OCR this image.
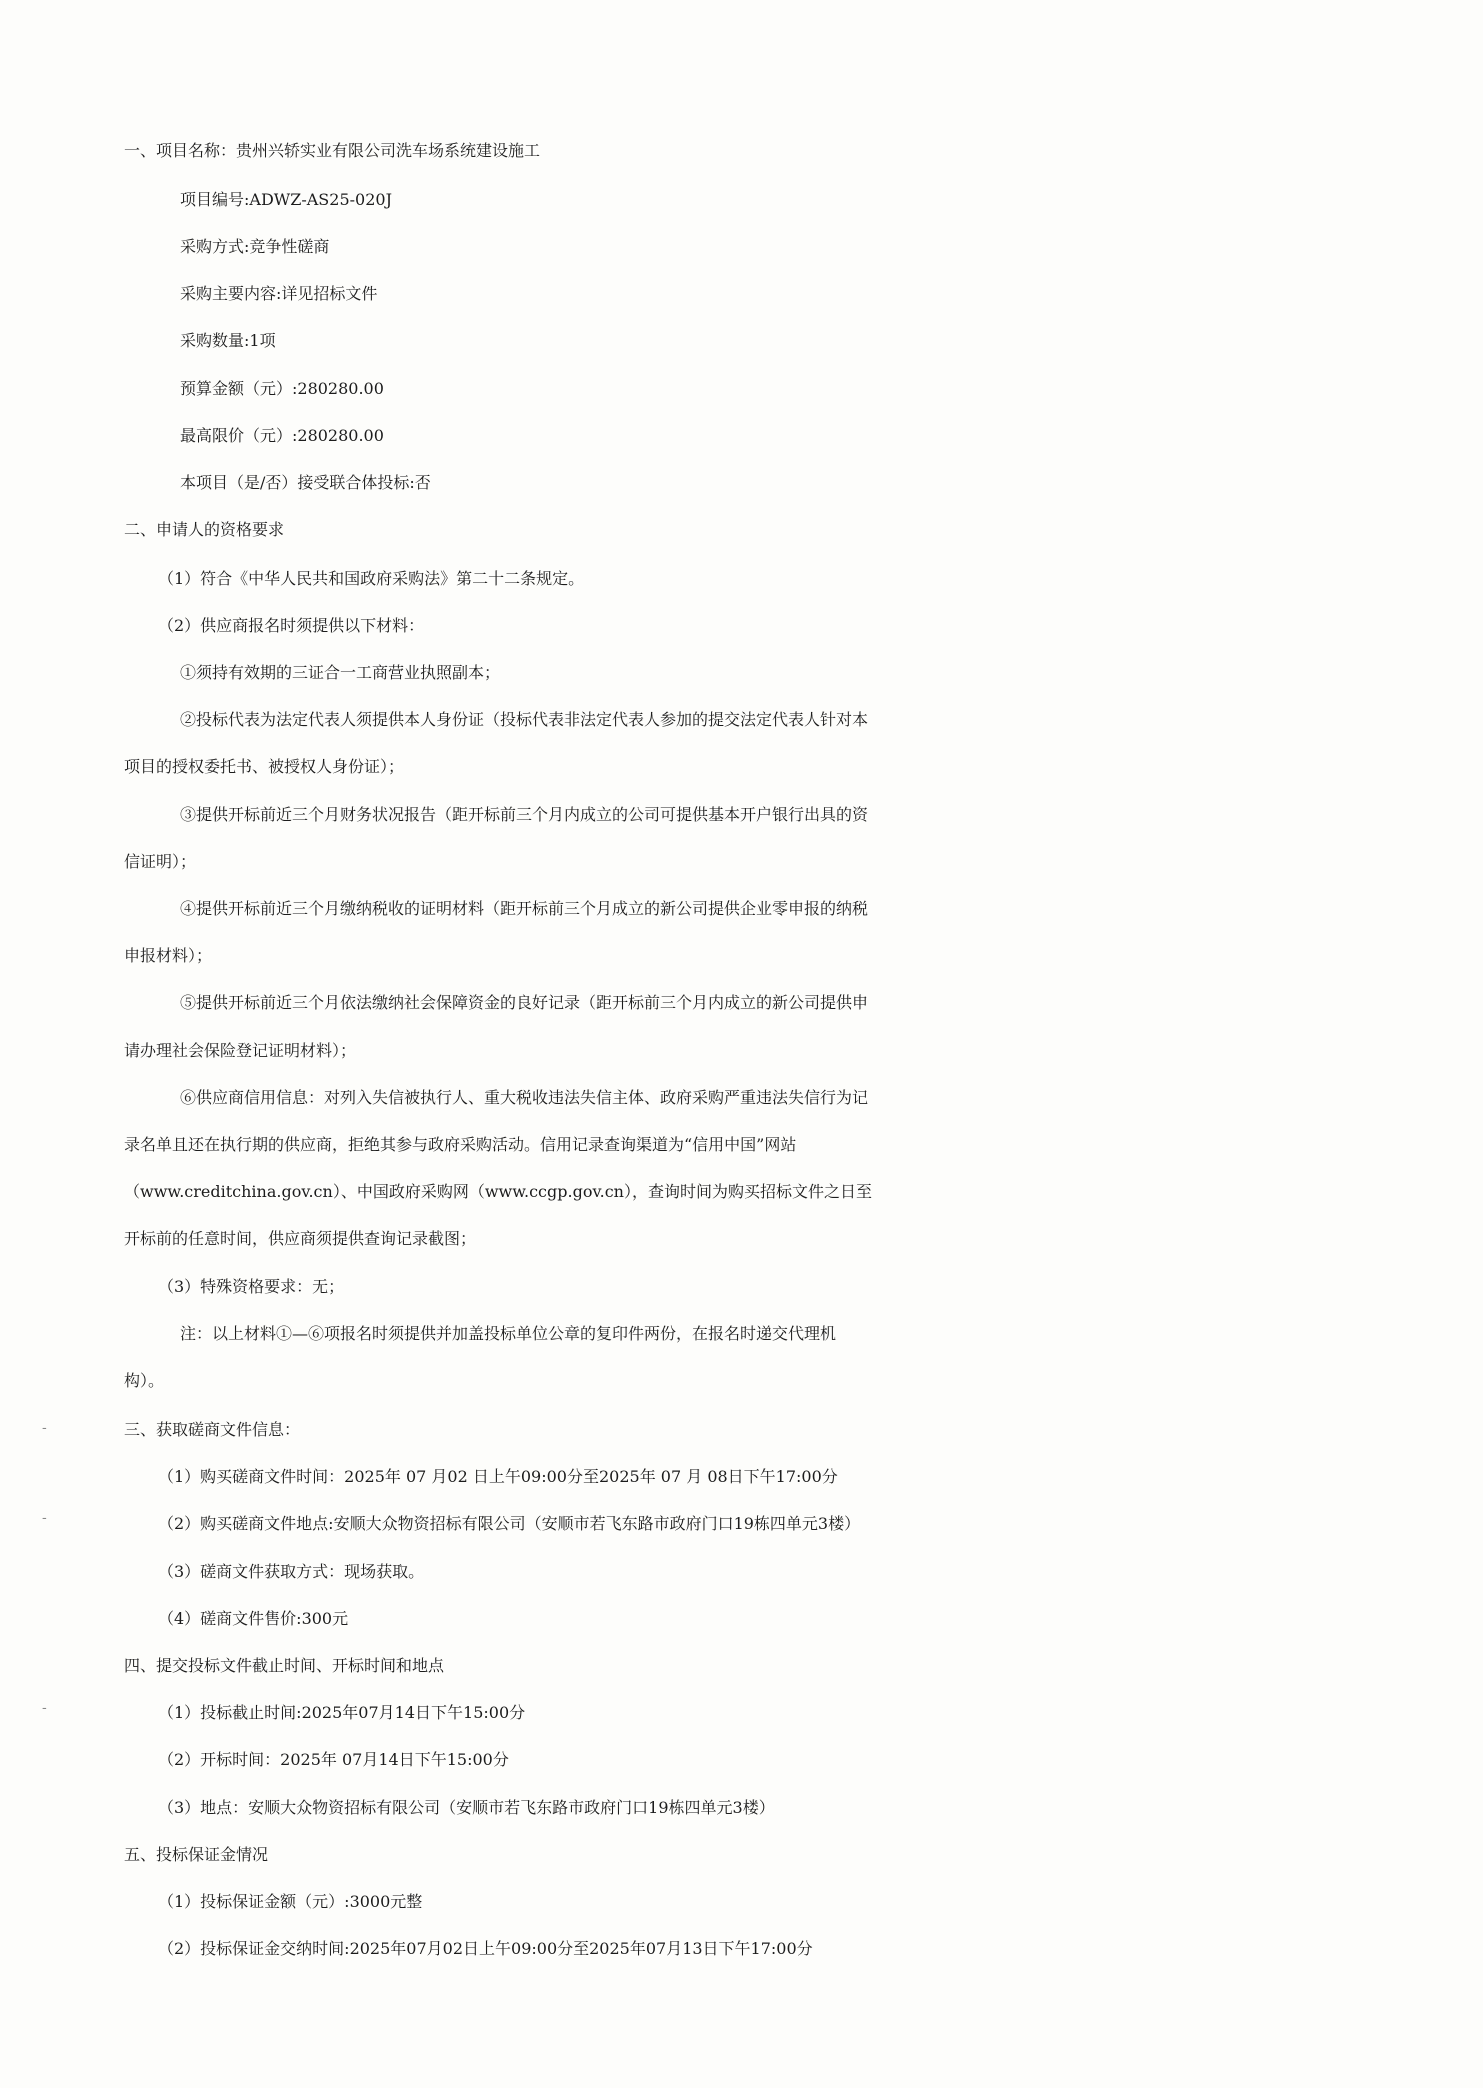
一、项目名称：贵州兴轿实业有限公司洗车场系统建设施工
项目编号:ADWZ-AS25-020J
采购方式:竞争性磋商
采购主要内容:详见招标文件
采购数量:1项
预算金额（元）:280280.00
最高限价（元）:280280.00
本项目（是/否）接受联合体投标:否
二、申请人的资格要求
（1）符合《中华人民共和国政府采购法》第二十二条规定。
（2）供应商报名时须提供以下材料：
①须持有效期的三证合一工商营业执照副本；
②投标代表为法定代表人须提供本人身份证（投标代表非法定代表人参加的提交法定代表人针对本
项目的授权委托书、被授权人身份证）；
③提供开标前近三个月财务状况报告（距开标前三个月内成立的公司可提供基本开户银行出具的资
信证明）；
④提供开标前近三个月缴纳税收的证明材料（距开标前三个月成立的新公司提供企业零申报的纳税
申报材料）；
⑤提供开标前近三个月依法缴纳社会保障资金的良好记录（距开标前三个月内成立的新公司提供申
请办理社会保险登记证明材料）；
⑥供应商信用信息：对列入失信被执行人、重大税收违法失信主体、政府采购严重违法失信行为记
录名单且还在执行期的供应商，拒绝其参与政府采购活动。信用记录查询渠道为“信用中国”网站
（www.creditchina.gov.cn）、中国政府采购网（www.ccgp.gov.cn），查询时间为购买招标文件之日至
开标前的任意时间，供应商须提供查询记录截图；
（3）特殊资格要求：无；
注：以上材料①—⑥项报名时须提供并加盖投标单位公章的复印件两份，在报名时递交代理机
构）。
三、获取磋商文件信息：
（1）购买磋商文件时间：2025年 07 月02 日上午09:00分至2025年 07 月 08日下午17:00分
（2）购买磋商文件地点:安顺大众物资招标有限公司（安顺市若飞东路市政府门口19栋四单元3楼）
（3）磋商文件获取方式：现场获取。
（4）磋商文件售价:300元
四、提交投标文件截止时间、开标时间和地点
（1）投标截止时间:2025年07月14日下午15:00分
（2）开标时间：2025年 07月14日下午15:00分
（3）地点：安顺大众物资招标有限公司（安顺市若飞东路市政府门口19栋四单元3楼）
五、投标保证金情况
（1）投标保证金额（元）:3000元整
（2）投标保证金交纳时间:2025年07月02日上午09:00分至2025年07月13日下午17:00分
-
-
-
